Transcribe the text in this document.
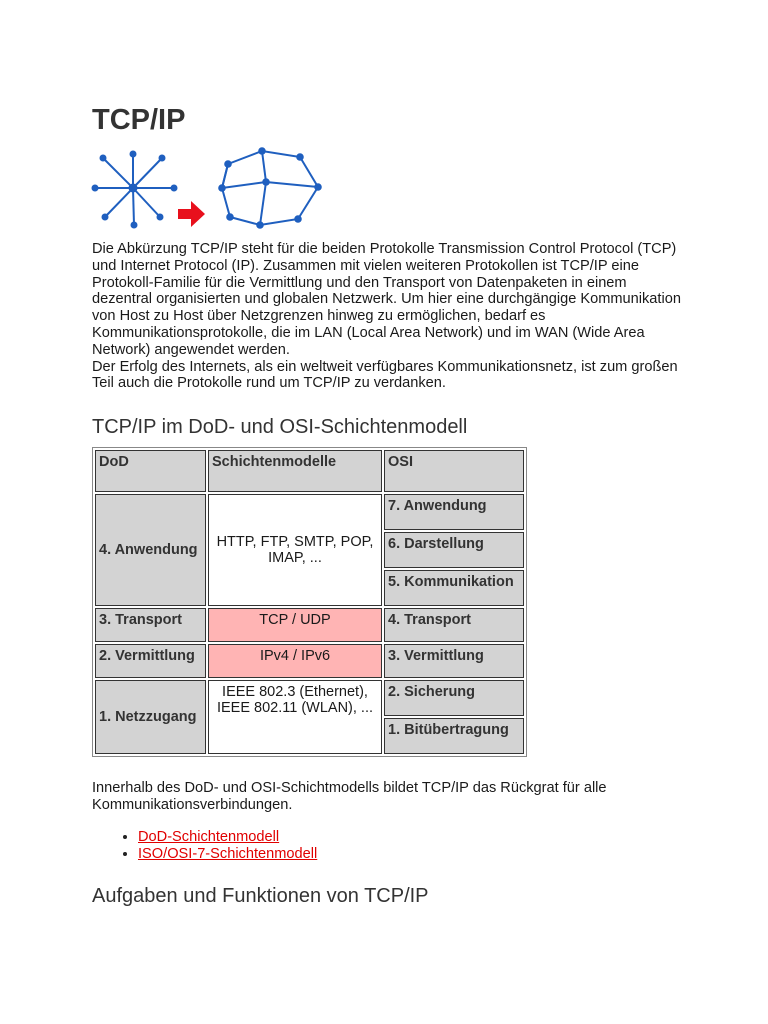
TCP/IP

Die Abkürzung TCP/IP steht für die beiden Protokolle Transmission Control Protocol (TCP) und Internet Protocol (IP). Zusammen mit vielen weiteren Protokollen ist TCP/IP eine Protokoll-Familie für die Vermittlung und den Transport von Datenpaketen in einem dezentral organisierten und globalen Netzwerk. Um hier eine durchgängige Kommunikation von Host zu Host über Netzgrenzen hinweg zu ermöglichen, bedarf es Kommunikationsprotokolle, die im LAN (Local Area Network) und im WAN (Wide Area Network) angewendet werden.

Der Erfolg des Internets, als ein weltweit verfügbares Kommunikationsnetz, ist zum großen Teil auch die Protokolle rund um TCP/IP zu verdanken.

TCP/IP im DoD- und OSI-Schichtenmodell
DoD	Schichtenmodelle	OSI
4. Anwendung	HTTP, FTP, SMTP, POP, IMAP, ...	7. Anwendung
		6. Darstellung
		5. Kommunikation
3. Transport	TCP / UDP	4. Transport
2. Vermittlung	IPv4 / IPv6	3. Vermittlung
1. Netzzugang	IEEE 802.3 (Ethernet), IEEE 802.11 (WLAN), ...	2. Sicherung
		1. Bitübertragung

Innerhalb des DoD- und OSI-Schichtmodells bildet TCP/IP das Rückgrat für alle Kommunikationsverbindungen.

• DoD-Schichtenmodell
• ISO/OSI-7-Schichtenmodell
Aufgaben und Funktionen von TCP/IP
